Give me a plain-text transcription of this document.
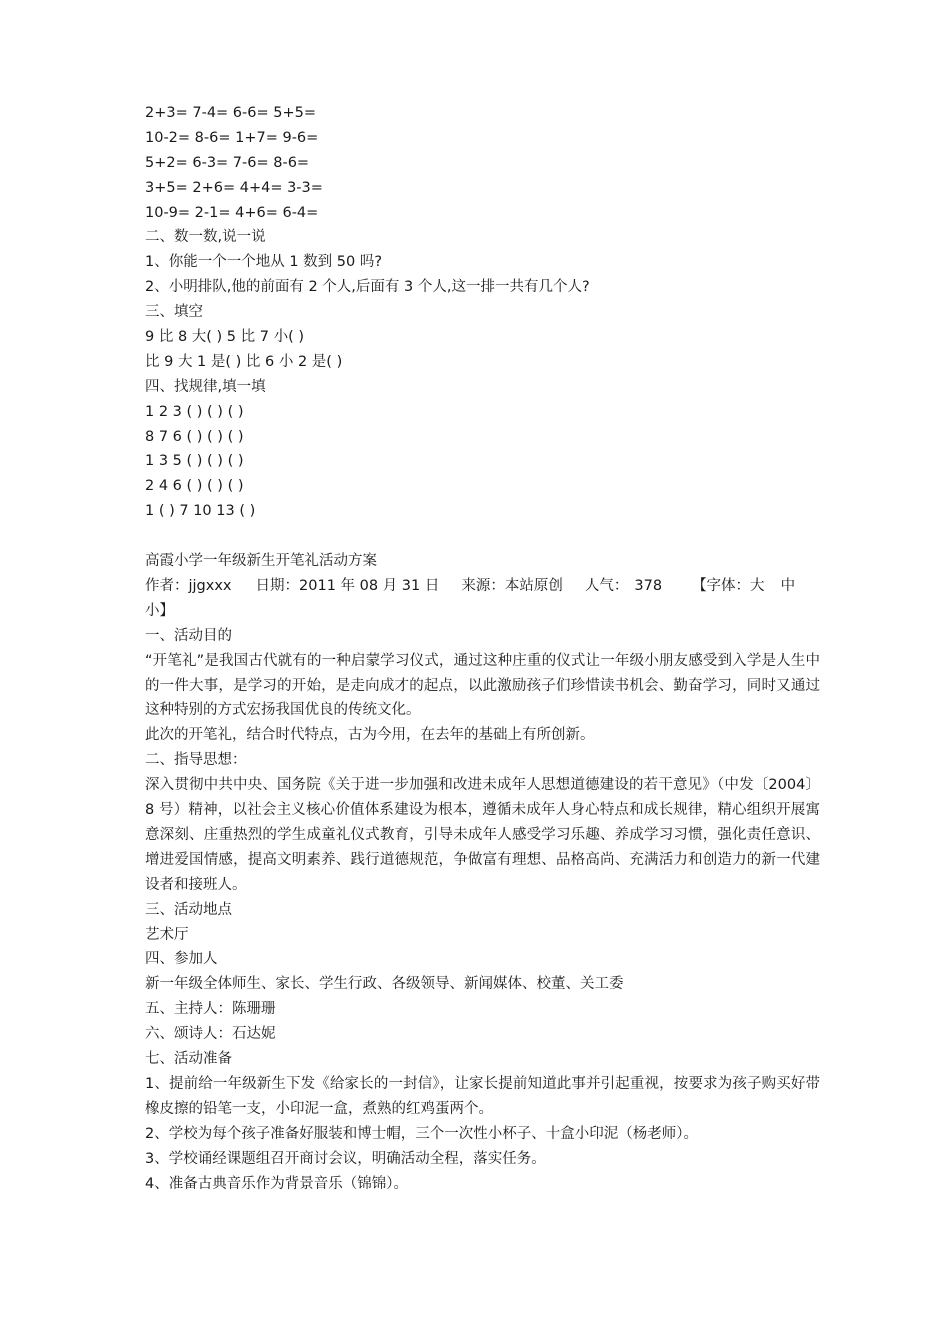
2+3= 7-4= 6-6= 5+5=
10-2= 8-6= 1+7= 9-6=
5+2= 6-3= 7-6= 8-6=
3+5= 2+6= 4+4= 3-3=
10-9= 2-1= 4+6= 6-4=
二、数一数,说一说
1、你能一个一个地从 1 数到 50 吗?
2、小明排队,他的前面有 2 个人,后面有 3 个人,这一排一共有几个人?
三、填空
9 比 8 大( ) 5 比 7 小( )
比 9 大 1 是( ) 比 6 小 2 是( )
四、找规律,填一填
1 2 3 ( ) ( ) ( )
8 7 6 ( ) ( ) ( )
1 3 5 ( ) ( ) ( )
2 4 6 ( ) ( ) ( )
1 ( ) 7 10 13 ( )
高霞小学一年级新生开笔礼活动方案
作者：jjgxxx 日期：2011 年 08 月 31 日 来源：本站原创 人气： 378 【字体：大 中
小】
一、活动目的
“开笔礼”是我国古代就有的一种启蒙学习仪式，通过这种庄重的仪式让一年级小朋友感受到入学是人生中的一件大事，是学习的开始，是走向成才的起点，以此激励孩子们珍惜读书机会、勤奋学习，同时又通过这种特别的方式宏扬我国优良的传统文化。
此次的开笔礼，结合时代特点，古为今用，在去年的基础上有所创新。
二、指导思想：
深入贯彻中共中央、国务院《关于进一步加强和改进未成年人思想道德建设的若干意见》（中发〔2004〕8 号）精神，以社会主义核心价值体系建设为根本，遵循未成年人身心特点和成长规律，精心组织开展寓意深刻、庄重热烈的学生成童礼仪式教育，引导未成年人感受学习乐趣、养成学习习惯，强化责任意识、增进爱国情感，提高文明素养、践行道德规范，争做富有理想、品格高尚、充满活力和创造力的新一代建设者和接班人。
三、活动地点
艺术厅
四、参加人
新一年级全体师生、家长、学生行政、各级领导、新闻媒体、校董、关工委
五、主持人：陈珊珊
六、颂诗人：石达妮
七、活动准备
1、提前给一年级新生下发《给家长的一封信》，让家长提前知道此事并引起重视，按要求为孩子购买好带橡皮擦的铅笔一支，小印泥一盒，煮熟的红鸡蛋两个。
2、学校为每个孩子准备好服装和博士帽，三个一次性小杯子、十盒小印泥（杨老师）。
3、学校诵经课题组召开商讨会议，明确活动全程，落实任务。
4、准备古典音乐作为背景音乐（锦锦）。
